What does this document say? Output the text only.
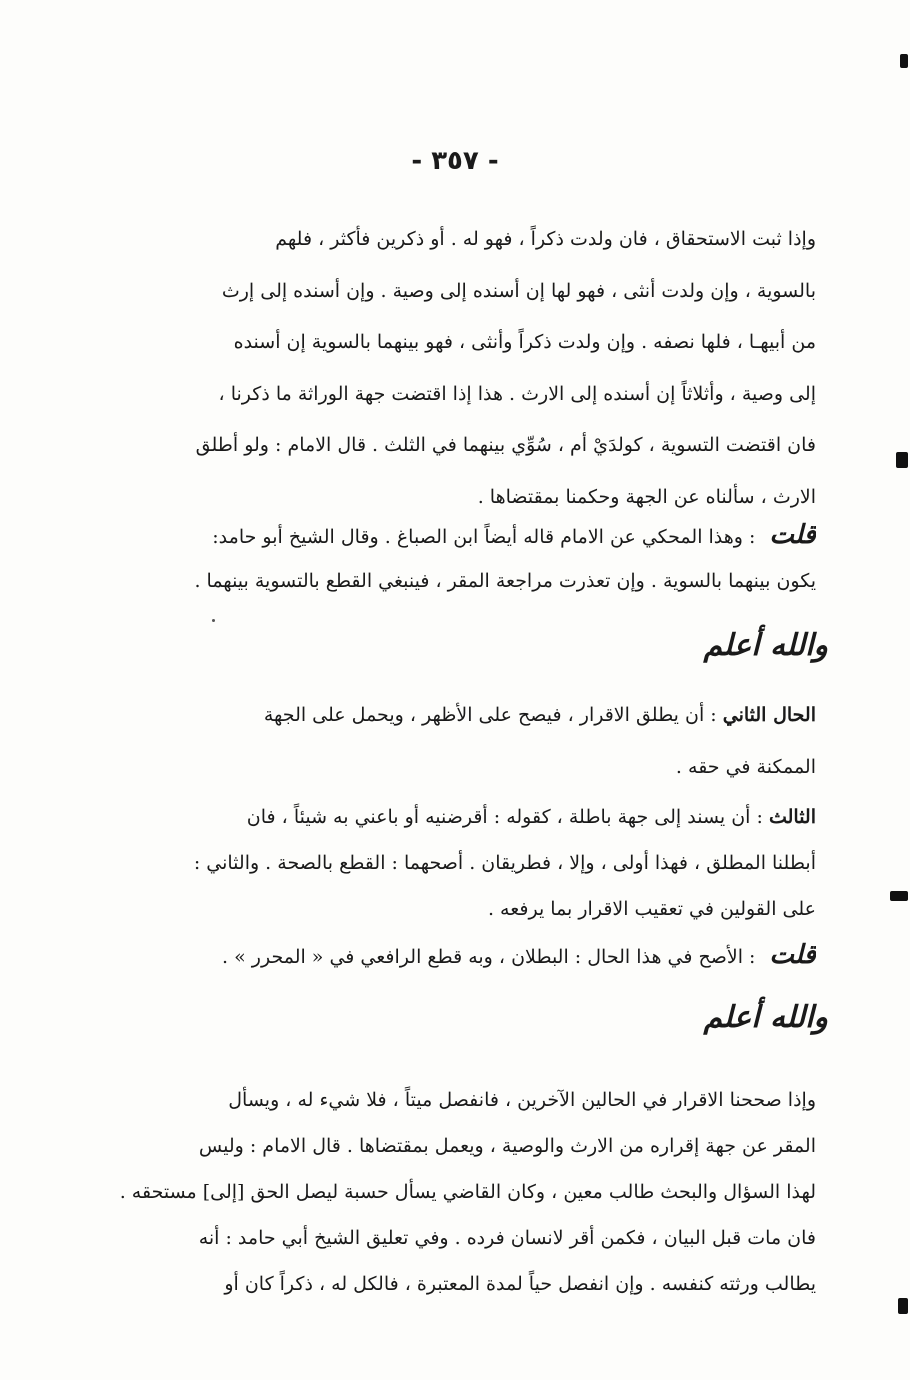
- ٣٥٧ -
وإذا ثبت الاستحقاق ، فان ولدت ذكراً ، فهو له . أو ذكرين فأكثر ، فلهم
بالسوية ، وإن ولدت أنثى ، فهو لها إن أسنده إلى وصية . وإن أسنده إلى إرث
من أبيهـا ، فلها نصفه . وإن ولدت ذكراً وأنثى ، فهو بينهما بالسوية إن أسنده
إلى وصية ، وأثلاثاً إن أسنده إلى الارث . هذا إذا اقتضت جهة الوراثة ما ذكرنا ،
فان اقتضت التسوية ، كولدَيْ أم ، سُوِّي بينهما في الثلث . قال الامام : ولو أطلق
الارث ، سألناه عن الجهة وحكمنا بمقتضاها .
قلت: وهذا المحكي عن الامام قاله أيضاً ابن الصباغ . وقال الشيخ أبو حامد:
يكون بينهما بالسوية . وإن تعذرت مراجعة المقر ، فينبغي القطع بالتسوية بينهما .
والله أعلم
الحال الثاني : أن يطلق الاقرار ، فيصح على الأظهر ، ويحمل على الجهة
الممكنة في حقه .
الثالث : أن يسند إلى جهة باطلة ، كقوله : أقرضنيه أو باعني به شيئاً ، فان
أبطلنا المطلق ، فهذا أولى ، وإلا ، فطريقان . أصحهما : القطع بالصحة . والثاني :
على القولين في تعقيب الاقرار بما يرفعه .
قلت: الأصح في هذا الحال : البطلان ، وبه قطع الرافعي في « المحرر » .
والله أعلم
وإذا صححنا الاقرار في الحالين الآخرين ، فانفصل ميتاً ، فلا شيء له ، ويسأل
المقر عن جهة إقراره من الارث والوصية ، ويعمل بمقتضاها . قال الامام : وليس
لهذا السؤال والبحث طالب معين ، وكان القاضي يسأل حسبة ليصل الحق [إلى] مستحقه .
فان مات قبل البيان ، فكمن أقر لانسان فرده . وفي تعليق الشيخ أبي حامد : أنه
يطالب ورثته كنفسه . وإن انفصل حياً لمدة المعتبرة ، فالكل له ، ذكراً كان أو
